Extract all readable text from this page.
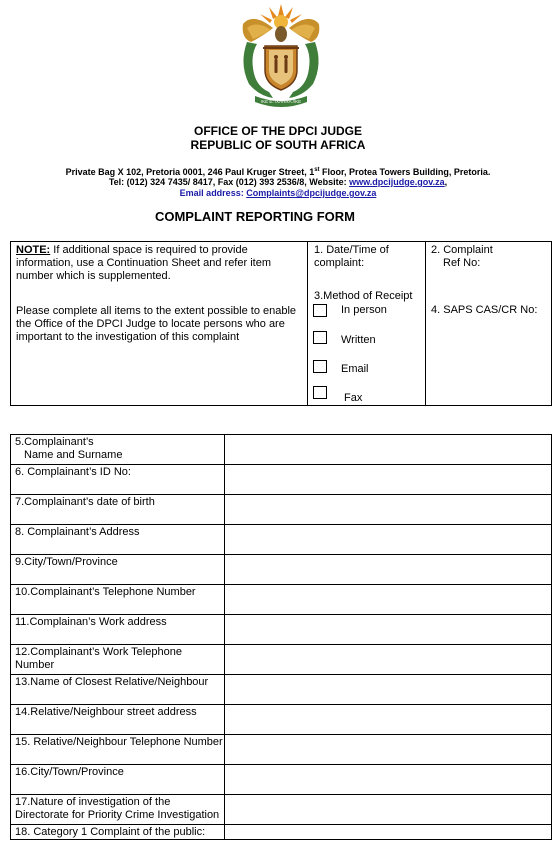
!KE E: /XARRA //KE
OFFICE OF THE DPCI JUDGE
REPUBLIC OF SOUTH AFRICA
Private Bag X 102, Pretoria 0001, 246 Paul Kruger Street, 1st Floor, Protea Towers Building, Pretoria.
Tel: (012) 324 7435/ 8417, Fax (012) 393 2536/8, Website: www.dpcijudge.gov.za,
Email address: Complaints@dpcijudge.gov.za
COMPLAINT REPORTING FORM
NOTE: If additional space is required to provide information, use a Continuation Sheet and refer item number which is supplemented.
Please complete all items to the extent possible to enable the Office of the DPCI Judge to locate persons who are important to the investigation of this complaint
1. Date/Time of
complaint:
3.Method of Receipt
In person
Written
Email
Fax
2. Complaint
Ref No:
4. SAPS CAS/CR No:
5.Complainant’s
Name and Surname	

6. Complainant’s ID No:	

7.Complainant’s date of birth	

8. Complainant’s Address	

9.City/Town/Province	

10.Complainant’s Telephone Number	

11.Complainan’s Work address	

12.Complainant’s Work Telephone
Number	

13.Name of Closest Relative/Neighbour	

14.Relative/Neighbour street address	

15. Relative/Neighbour Telephone Number	

16.City/Town/Province	

17.Nature of investigation of the
Directorate for Priority Crime Investigation	

18. Category 1 Complaint of the public:	
